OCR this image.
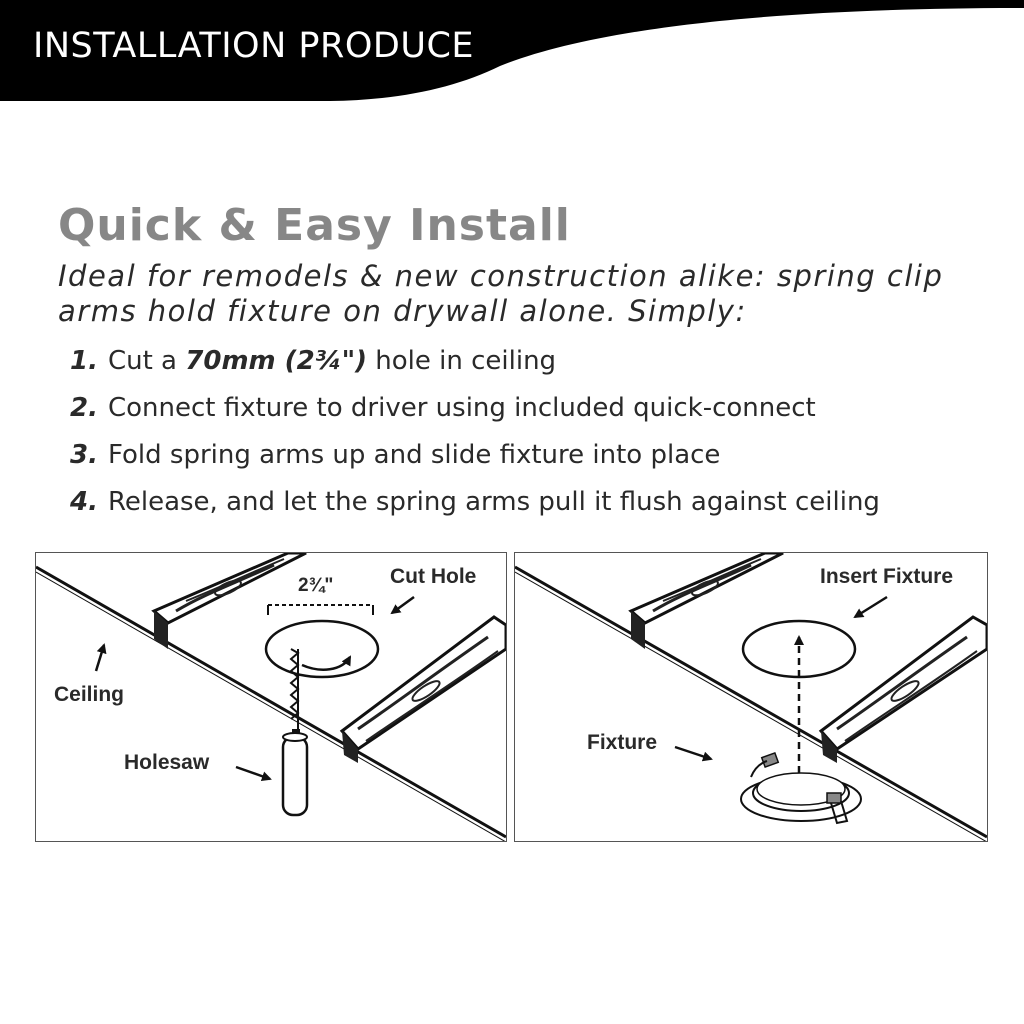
INSTALLATION PRODUCE
Quick & Easy Install

Ideal for remodels & new construction alike: spring clip
arms hold fixture on drywall alone. Simply:

1. Cut a 70mm (2¾") hole in ceiling
2. Connect fixture to driver using included quick-connect
3. Fold spring arms up and slide fixture into place
4. Release, and let the spring arms pull it flush against ceiling
2¾"	Cut Hole
Ceiling
Holesaw
Insert Fixture
Fixture
